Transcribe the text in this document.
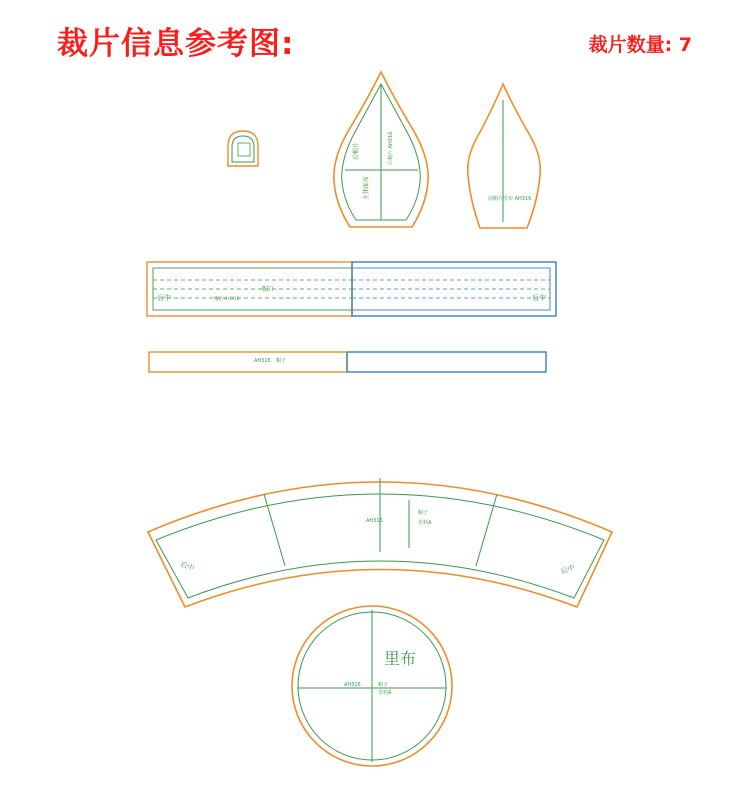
裁片信息参考图:	裁片数量: 7
后帽片
主体面布
后帽片 AH316
前帽片里布 AH316
后中	后中
帽口
帽沿 AH316
AH316 帽子
AH316
帽子
里料A
后中	后中
里布
AH316	帽子
里料A
